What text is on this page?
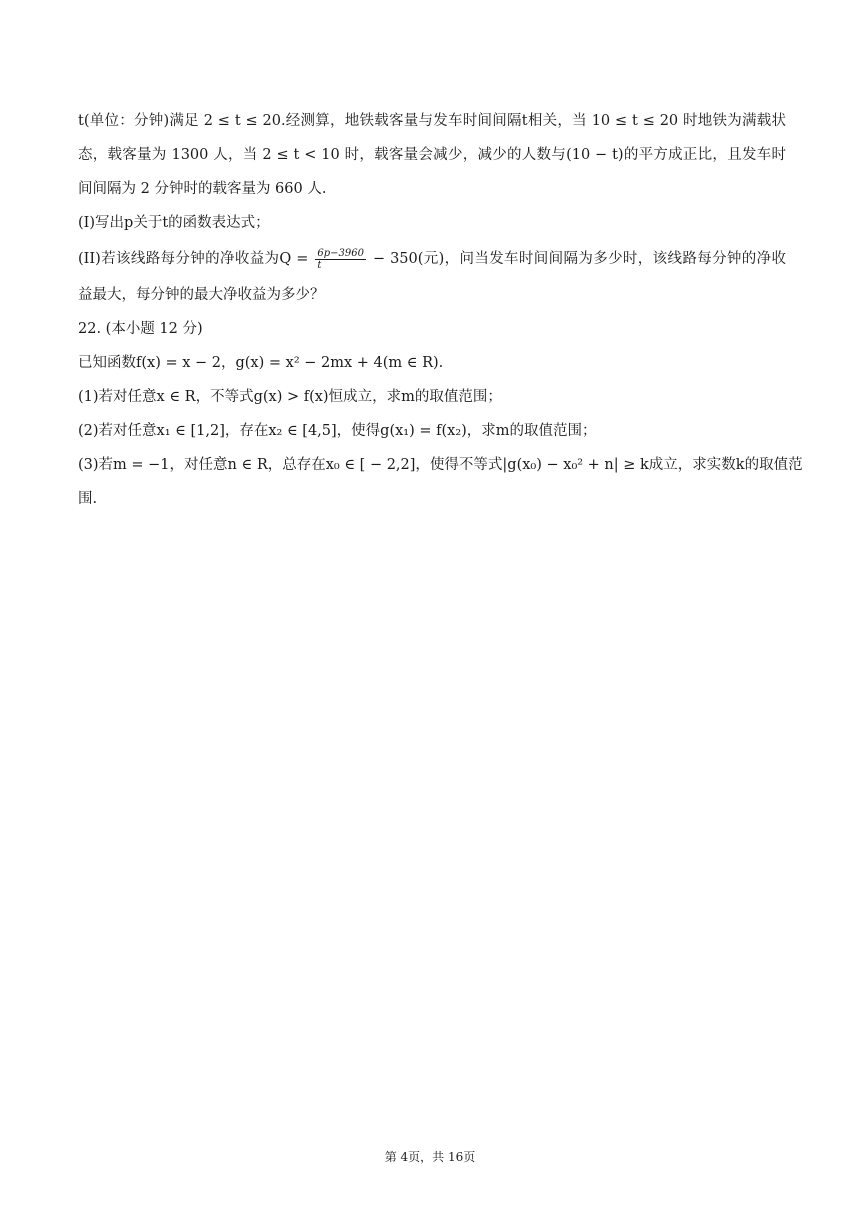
t(单位：分钟)满足 2 ≤ t ≤ 20.经测算，地铁载客量与发车时间间隔t相关，当 10 ≤ t ≤ 20 时地铁为满载状
态，载客量为 1300 人，当 2 ≤ t < 10 时，载客量会减少，减少的人数与(10 − t)的平方成正比，且发车时
间间隔为 2 分钟时的载客量为 660 人.
(I)写出p关于t的函数表达式；
(II)若该线路每分钟的净收益为$Q = \frac{6p-3960}{t} - 350$(元)，问当发车时间间隔为多少时，该线路每分钟的净收
益最大，每分钟的最大净收益为多少？
22. (本小题 12 分)
已知函数f(x) = x − 2，g(x) = x² − 2mx + 4(m ∈ R).
(1)若对任意x ∈ R，不等式g(x) > f(x)恒成立，求m的取值范围；
(2)若对任意x₁ ∈ [1,2]，存在x₂ ∈ [4,5]，使得g(x₁) = f(x₂)，求m的取值范围；
(3)若m = −1，对任意n ∈ R，总存在x₀ ∈ [ − 2,2]，使得不等式|g(x₀) − x₀² + n| ≥ k成立，求实数k的取值范
围.
第 4页，共 16页
